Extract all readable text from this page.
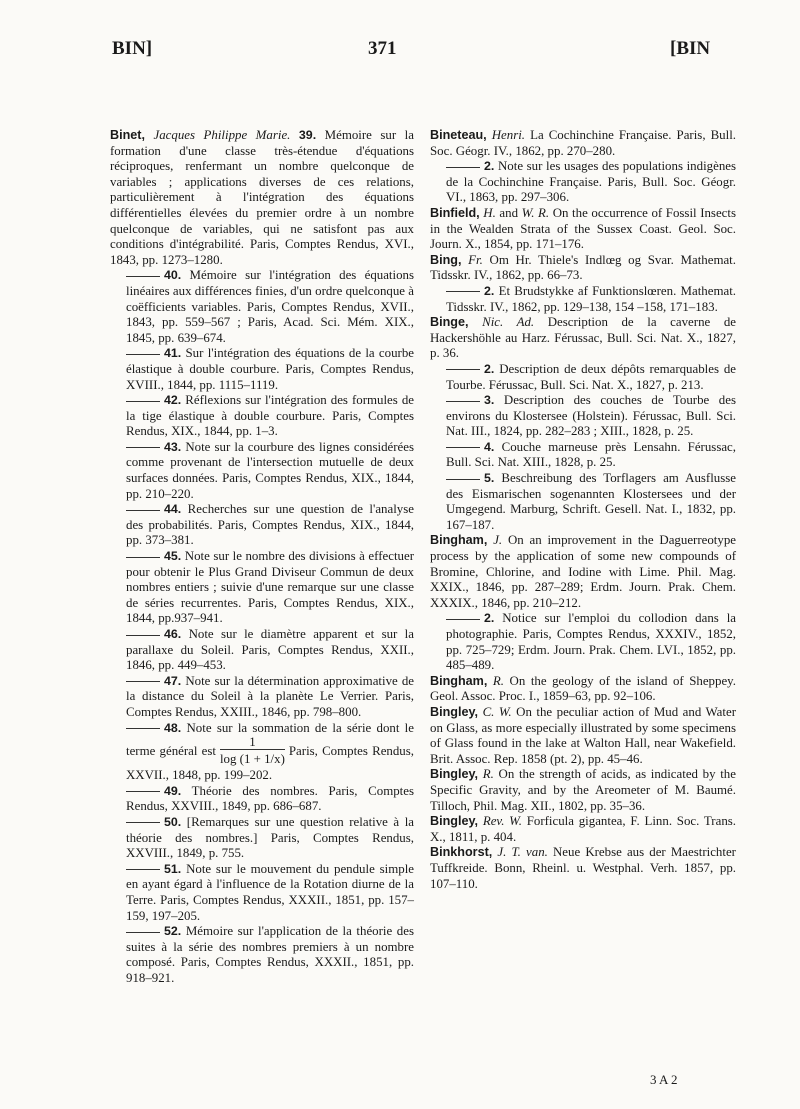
BIN]	371	[BIN

Binet, Jacques Philippe Marie. 39. Mémoire sur la formation d'une classe très-étendue d'équations réciproques, renfermant un nombre quelconque de variables ; applications diverses de ces relations, particulièrement à l'intégration des équations différentielles élevées du premier ordre à un nombre quelconque de variables, qui ne satisfont pas aux conditions d'intégrabilité. Paris, Comptes Rendus, XVI., 1843, pp. 1273–1280.

40. Mémoire sur l'intégration des équations linéaires aux différences finies, d'un ordre quelconque à coëfficients variables. Paris, Comptes Rendus, XVII., 1843, pp. 559–567 ; Paris, Acad. Sci. Mém. XIX., 1845, pp. 639–674.

41. Sur l'intégration des équations de la courbe élastique à double courbure. Paris, Comptes Rendus, XVIII., 1844, pp. 1115–1119.

42. Réflexions sur l'intégration des formules de la tige élastique à double courbure. Paris, Comptes Rendus, XIX., 1844, pp. 1–3.

43. Note sur la courbure des lignes considérées comme provenant de l'intersection mutuelle de deux surfaces données. Paris, Comptes Rendus, XIX., 1844, pp. 210–220.

44. Recherches sur une question de l'analyse des probabilités. Paris, Comptes Rendus, XIX., 1844, pp. 373–381.

45. Note sur le nombre des divisions à effectuer pour obtenir le Plus Grand Diviseur Commun de deux nombres entiers ; suivie d'une remarque sur une classe de séries recurrentes. Paris, Comptes Rendus, XIX., 1844, pp.937–941.

46. Note sur le diamètre apparent et sur la parallaxe du Soleil. Paris, Comptes Rendus, XXII., 1846, pp. 449–453.

47. Note sur la détermination approximative de la distance du Soleil à la planète Le Verrier. Paris, Comptes Rendus, XXIII., 1846, pp. 798–800.

48. Note sur la sommation de la série dont le terme général est $\frac{1}{\log (1 + 1/x)}$ Paris, Comptes Rendus, XXVII., 1848, pp. 199–202.

49. Théorie des nombres. Paris, Comptes Rendus, XXVIII., 1849, pp. 686–687.

50. [Remarques sur une question relative à la théorie des nombres.] Paris, Comptes Rendus, XXVIII., 1849, p. 755.

51. Note sur le mouvement du pendule simple en ayant égard à l'influence de la Rotation diurne de la Terre. Paris, Comptes Rendus, XXXII., 1851, pp. 157–159, 197–205.

52. Mémoire sur l'application de la théorie des suites à la série des nombres premiers à un nombre composé. Paris, Comptes Rendus, XXXII., 1851, pp. 918–921.

Bineteau, Henri. La Cochinchine Française. Paris, Bull. Soc. Géogr. IV., 1862, pp. 270–280.

2. Note sur les usages des populations indigènes de la Cochinchine Française. Paris, Bull. Soc. Géogr. VI., 1863, pp. 297–306.

Binfield, H. and W. R. On the occurrence of Fossil Insects in the Wealden Strata of the Sussex Coast. Geol. Soc. Journ. X., 1854, pp. 171–176.

Bing, Fr. Om Hr. Thiele's Indlœg og Svar. Mathemat. Tidsskr. IV., 1862, pp. 66–73.

2. Et Brudstykke af Funktionslœren. Mathemat. Tidsskr. IV., 1862, pp. 129–138, 154 –158, 171–183.

Binge, Nic. Ad. Description de la caverne de Hackershöhle au Harz. Férussac, Bull. Sci. Nat. X., 1827, p. 36.

2. Description de deux dépôts remarquables de Tourbe. Férussac, Bull. Sci. Nat. X., 1827, p. 213.

3. Description des couches de Tourbe des environs du Klostersee (Holstein). Férussac, Bull. Sci. Nat. III., 1824, pp. 282–283 ; XIII., 1828, p. 25.

4. Couche marneuse près Lensahn. Férussac, Bull. Sci. Nat. XIII., 1828, p. 25.

5. Beschreibung des Torflagers am Ausflusse des Eismarischen sogenannten Klostersees und der Umgegend. Marburg, Schrift. Gesell. Nat. I., 1832, pp. 167–187.

Bingham, J. On an improvement in the Daguerreotype process by the application of some new compounds of Bromine, Chlorine, and Iodine with Lime. Phil. Mag. XXIX., 1846, pp. 287–289; Erdm. Journ. Prak. Chem. XXXIX., 1846, pp. 210–212.

2. Notice sur l'emploi du collodion dans la photographie. Paris, Comptes Rendus, XXXIV., 1852, pp. 725–729; Erdm. Journ. Prak. Chem. LVI., 1852, pp. 485–489.

Bingham, R. On the geology of the island of Sheppey. Geol. Assoc. Proc. I., 1859–63, pp. 92–106.

Bingley, C. W. On the peculiar action of Mud and Water on Glass, as more especially illustrated by some specimens of Glass found in the lake at Walton Hall, near Wakefield. Brit. Assoc. Rep. 1858 (pt. 2), pp. 45–46.

Bingley, R. On the strength of acids, as indicated by the Specific Gravity, and by the Areometer of M. Baumé. Tilloch, Phil. Mag. XII., 1802, pp. 35–36.

Bingley, Rev. W. Forficula gigantea, F. Linn. Soc. Trans. X., 1811, p. 404.

Binkhorst, J. T. van. Neue Krebse aus der Maestrichter Tuffkreide. Bonn, Rheinl. u. Westphal. Verh. 1857, pp. 107–110.

3 A 2
